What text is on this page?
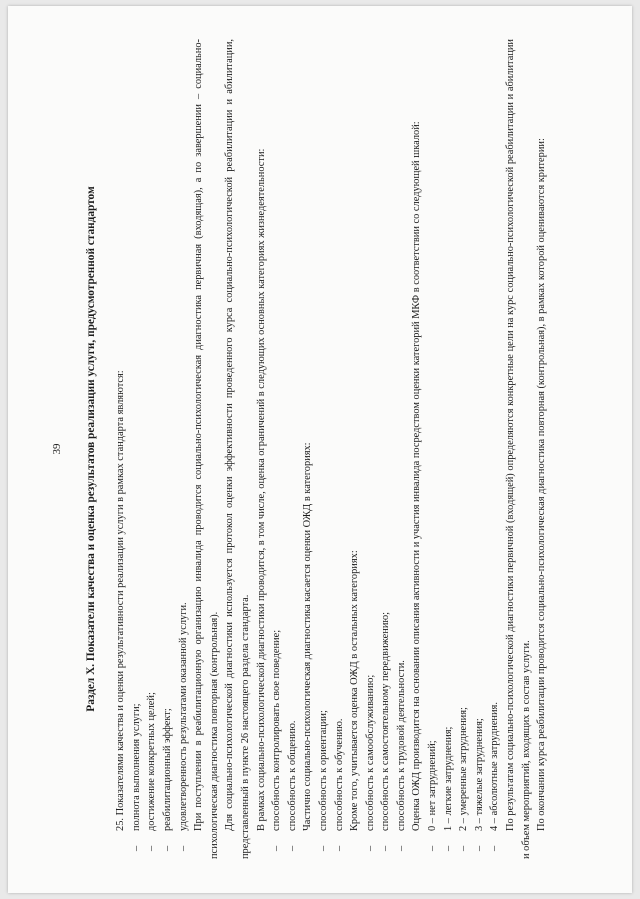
39 Раздел X. Показатели качества и оценка результатов реализации услуги, предусмотренной стандартом 25. Показателями качества и оценки результативности реализации услуги в рамках стандарта являются: – полнота выполнения услуги; – достижение конкретных целей; – реабилитационный эффект; – удовлетворенность результатами оказанной услуги. При поступлении в реабилитационную организацию инвалида проводится социально-психологическая диагностика первичная (входящая), а по завершении – социально-психологическая диагностика повторная (контрольная). Для социально-психологической диагностики используется протокол оценки эффективности проведенного курса социально-психологической реабилитации и абилитации, представленный в пункте 26 настоящего раздела стандарта. В рамках социально-психологической диагностики проводится, в том числе, оценка ограничений в следующих основных категориях жизнедеятельности: – способность контролировать свое поведение; – способность к общению. Частично социально-психологическая диагностика касается оценки ОЖД в категориях: – способность к ориентации; – способность к обучению. Кроме того, учитывается оценка ОЖД в остальных категориях: – способность к самообслуживанию; – способность к самостоятельному передвижению; – способность к трудовой деятельности. Оценка ОЖД производится на основании описания активности и участия инвалида посредством оценки категорий МКФ в соответствии со следующей шкалой: – 0 – нет затруднений; – 1 – легкие затруднения; – 2 – умеренные затруднения; – 3 – тяжелые затруднения; – 4 – абсолютные затруднения. По результатам социально-психологической диагностики первичной (входящей) определяются конкретные цели на курс социально-психологической реабилитации и абилитации и объем мероприятий, входящих в состав услуги. По окончании курса реабилитации проводится социально-психологическая диагностика повторная (контрольная), в рамках которой оцениваются критерии:
